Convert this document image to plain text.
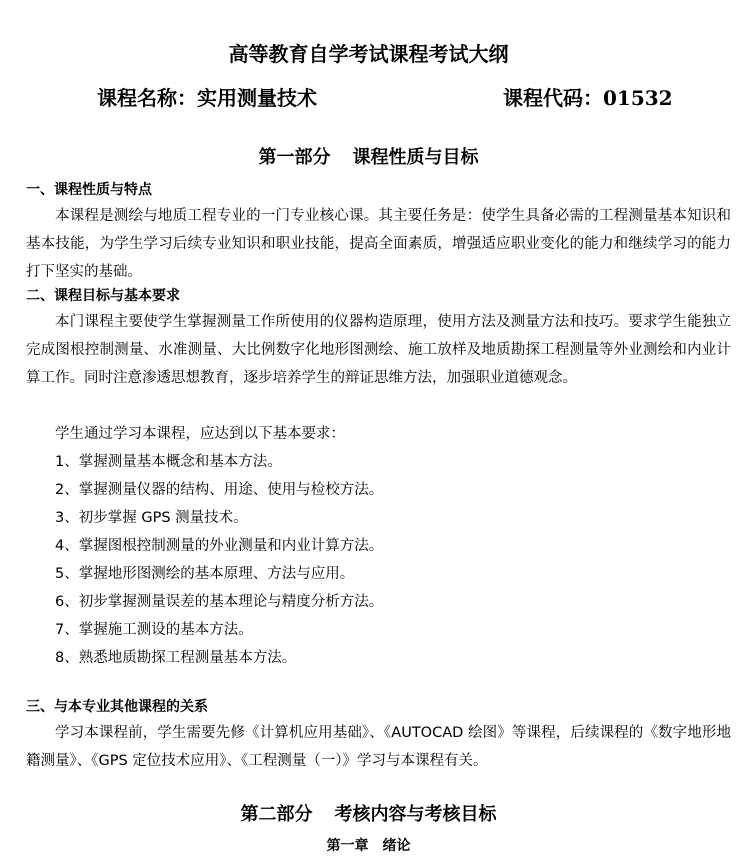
高等教育自学考试课程考试大纲
课程名称：实用测量技术	课程代码：01532
第一部分 课程性质与目标
一、课程性质与特点
本课程是测绘与地质工程专业的一门专业核心课。其主要任务是：使学生具备必需的工程测量基本知识和基本技能，为学生学习后续专业知识和职业技能，提高全面素质，增强适应职业变化的能力和继续学习的能力打下坚实的基础。
二、课程目标与基本要求
本门课程主要使学生掌握测量工作所使用的仪器构造原理，使用方法及测量方法和技巧。要求学生能独立完成图根控制测量、水准测量、大比例数字化地形图测绘、施工放样及地质勘探工程测量等外业测绘和内业计算工作。同时注意渗透思想教育，逐步培养学生的辩证思维方法，加强职业道德观念。
学生通过学习本课程，应达到以下基本要求：
1、掌握测量基本概念和基本方法。
2、掌握测量仪器的结构、用途、使用与检校方法。
3、初步掌握 GPS 测量技术。
4、掌握图根控制测量的外业测量和内业计算方法。
5、掌握地形图测绘的基本原理、方法与应用。
6、初步掌握测量误差的基本理论与精度分析方法。
7、掌握施工测设的基本方法。
8、熟悉地质勘探工程测量基本方法。
三、与本专业其他课程的关系
学习本课程前，学生需要先修《计算机应用基础》、《AUTOCAD 绘图》等课程，后续课程的《数字地形地籍测量》、《GPS 定位技术应用》、《工程测量（一）》学习与本课程有关。
第二部分 考核内容与考核目标
第一章 绪论
